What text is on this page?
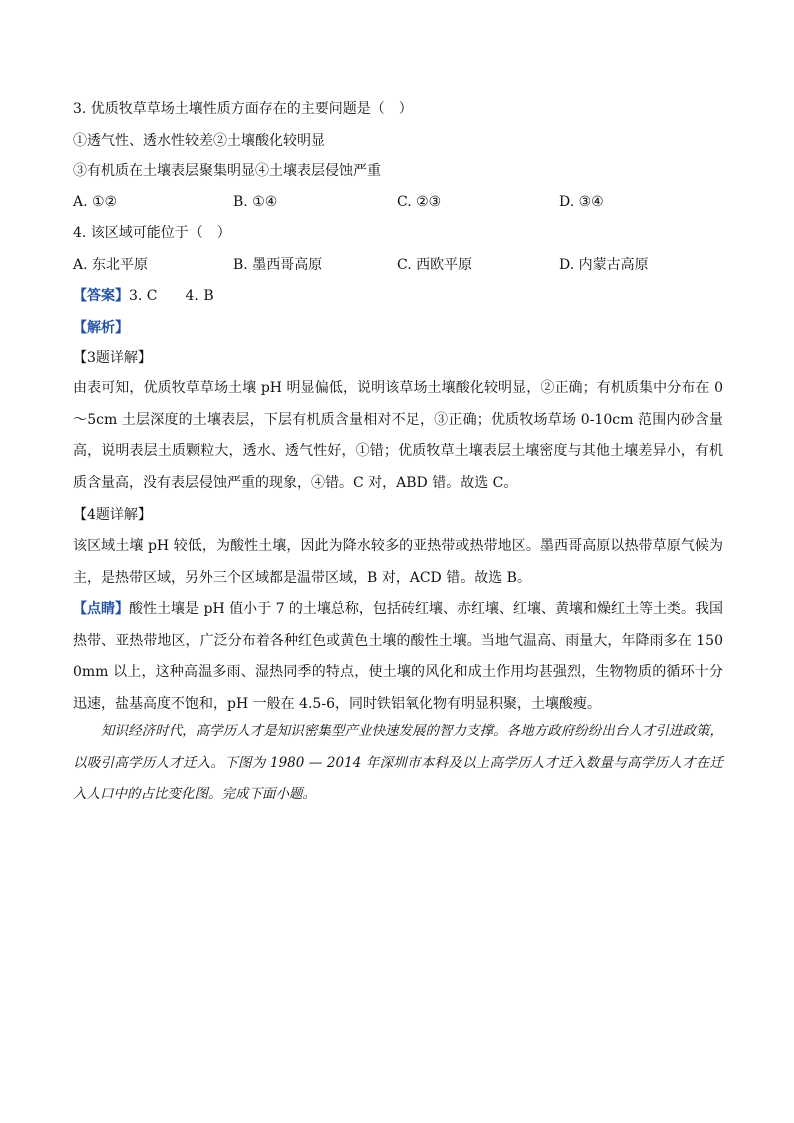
3. 优质牧草草场土壤性质方面存在的主要问题是（　）
①透气性、透水性较差②土壤酸化较明显
③有机质在土壤表层聚集明显④土壤表层侵蚀严重
A. ①②	B. ①④	C. ②③	D. ③④
4. 该区域可能位于（　）
A. 东北平原	B. 墨西哥高原	C. 西欧平原	D. 内蒙古高原
【答案】3. C　　4. B
【解析】
【3题详解】
由表可知，优质牧草草场土壤 pH 明显偏低，说明该草场土壤酸化较明显，②正确；有机质集中分布在 0～5cm 土层深度的土壤表层，下层有机质含量相对不足，③正确；优质牧场草场 0-10cm 范围内砂含量高，说明表层土质颗粒大，透水、透气性好，①错；优质牧草土壤表层土壤密度与其他土壤差异小，有机质含量高，没有表层侵蚀严重的现象，④错。C 对，ABD 错。故选 C。
【4题详解】
该区域土壤 pH 较低，为酸性土壤，因此为降水较多的亚热带或热带地区。墨西哥高原以热带草原气候为主，是热带区域，另外三个区域都是温带区域，B 对，ACD 错。故选 B。
【点睛】酸性土壤是 pH 值小于 7 的土壤总称，包括砖红壤、赤红壤、红壤、黄壤和燥红土等土类。我国热带、亚热带地区，广泛分布着各种红色或黄色土壤的酸性土壤。当地气温高、雨量大，年降雨多在 1500mm 以上，这种高温多雨、湿热同季的特点，使土壤的风化和成土作用均甚强烈，生物物质的循环十分迅速，盐基高度不饱和，pH 一般在 4.5-6，同时铁铝氧化物有明显积聚，土壤酸瘦。
知识经济时代，高学历人才是知识密集型产业快速发展的智力支撑。各地方政府纷纷出台人才引进政策，以吸引高学历人才迁入。下图为 1980 — 2014 年深圳市本科及以上高学历人才迁入数量与高学历人才在迁入人口中的占比变化图。完成下面小题。
